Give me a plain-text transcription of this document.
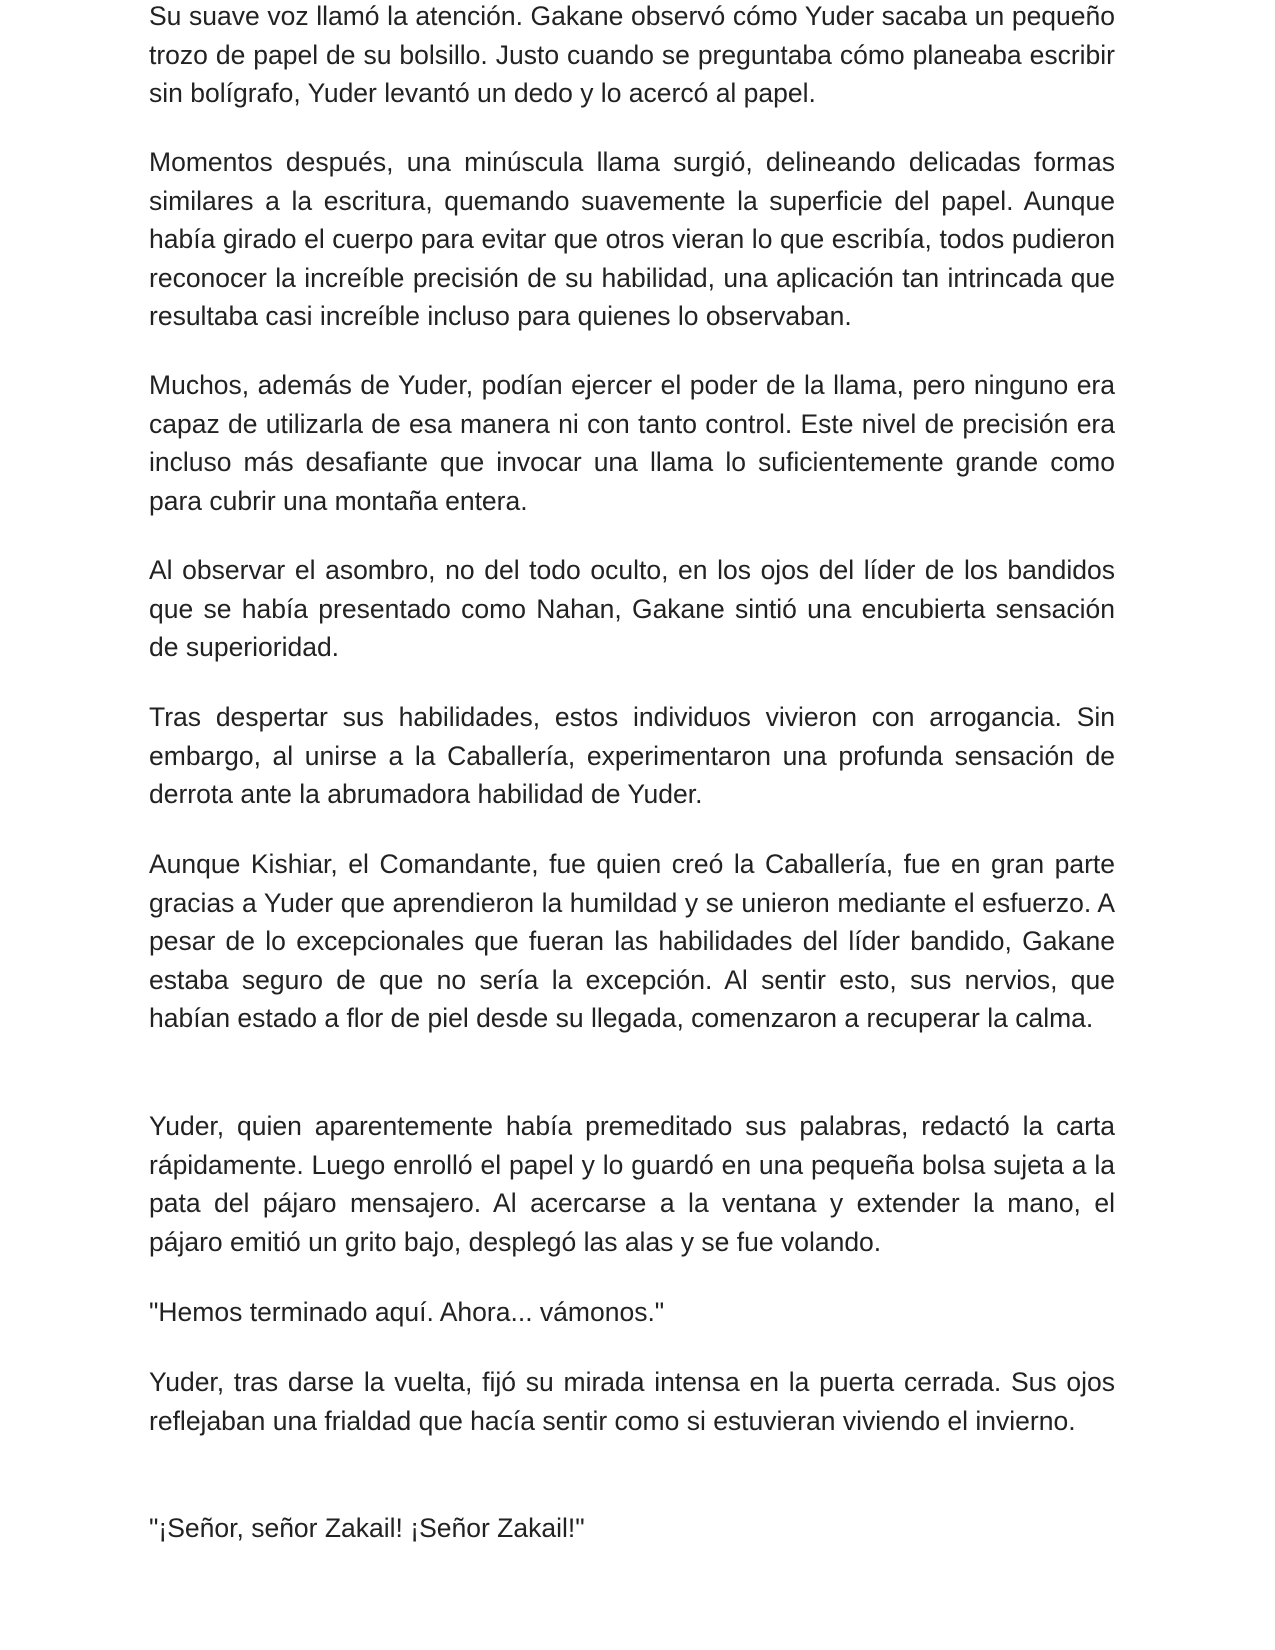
Su suave voz llamó la atención. Gakane observó cómo Yuder sacaba un pequeño trozo de papel de su bolsillo. Justo cuando se preguntaba cómo planeaba escribir sin bolígrafo, Yuder levantó un dedo y lo acercó al papel.

Momentos después, una minúscula llama surgió, delineando delicadas formas similares a la escritura, quemando suavemente la superficie del papel. Aunque había girado el cuerpo para evitar que otros vieran lo que escribía, todos pudieron reconocer la increíble precisión de su habilidad, una aplicación tan intrincada que resultaba casi increíble incluso para quienes lo observaban.

Muchos, además de Yuder, podían ejercer el poder de la llama, pero ninguno era capaz de utilizarla de esa manera ni con tanto control. Este nivel de precisión era incluso más desafiante que invocar una llama lo suficientemente grande como para cubrir una montaña entera.

Al observar el asombro, no del todo oculto, en los ojos del líder de los bandidos que se había presentado como Nahan, Gakane sintió una encubierta sensación de superioridad.

Tras despertar sus habilidades, estos individuos vivieron con arrogancia. Sin embargo, al unirse a la Caballería, experimentaron una profunda sensación de derrota ante la abrumadora habilidad de Yuder.

Aunque Kishiar, el Comandante, fue quien creó la Caballería, fue en gran parte gracias a Yuder que aprendieron la humildad y se unieron mediante el esfuerzo. A pesar de lo excepcionales que fueran las habilidades del líder bandido, Gakane estaba seguro de que no sería la excepción. Al sentir esto, sus nervios, que habían estado a flor de piel desde su llegada, comenzaron a recuperar la calma.

Yuder, quien aparentemente había premeditado sus palabras, redactó la carta rápidamente. Luego enrolló el papel y lo guardó en una pequeña bolsa sujeta a la pata del pájaro mensajero. Al acercarse a la ventana y extender la mano, el pájaro emitió un grito bajo, desplegó las alas y se fue volando.

"Hemos terminado aquí. Ahora... vámonos."

Yuder, tras darse la vuelta, fijó su mirada intensa en la puerta cerrada. Sus ojos reflejaban una frialdad que hacía sentir como si estuvieran viviendo el invierno.

"¡Señor, señor Zakail! ¡Señor Zakail!"
